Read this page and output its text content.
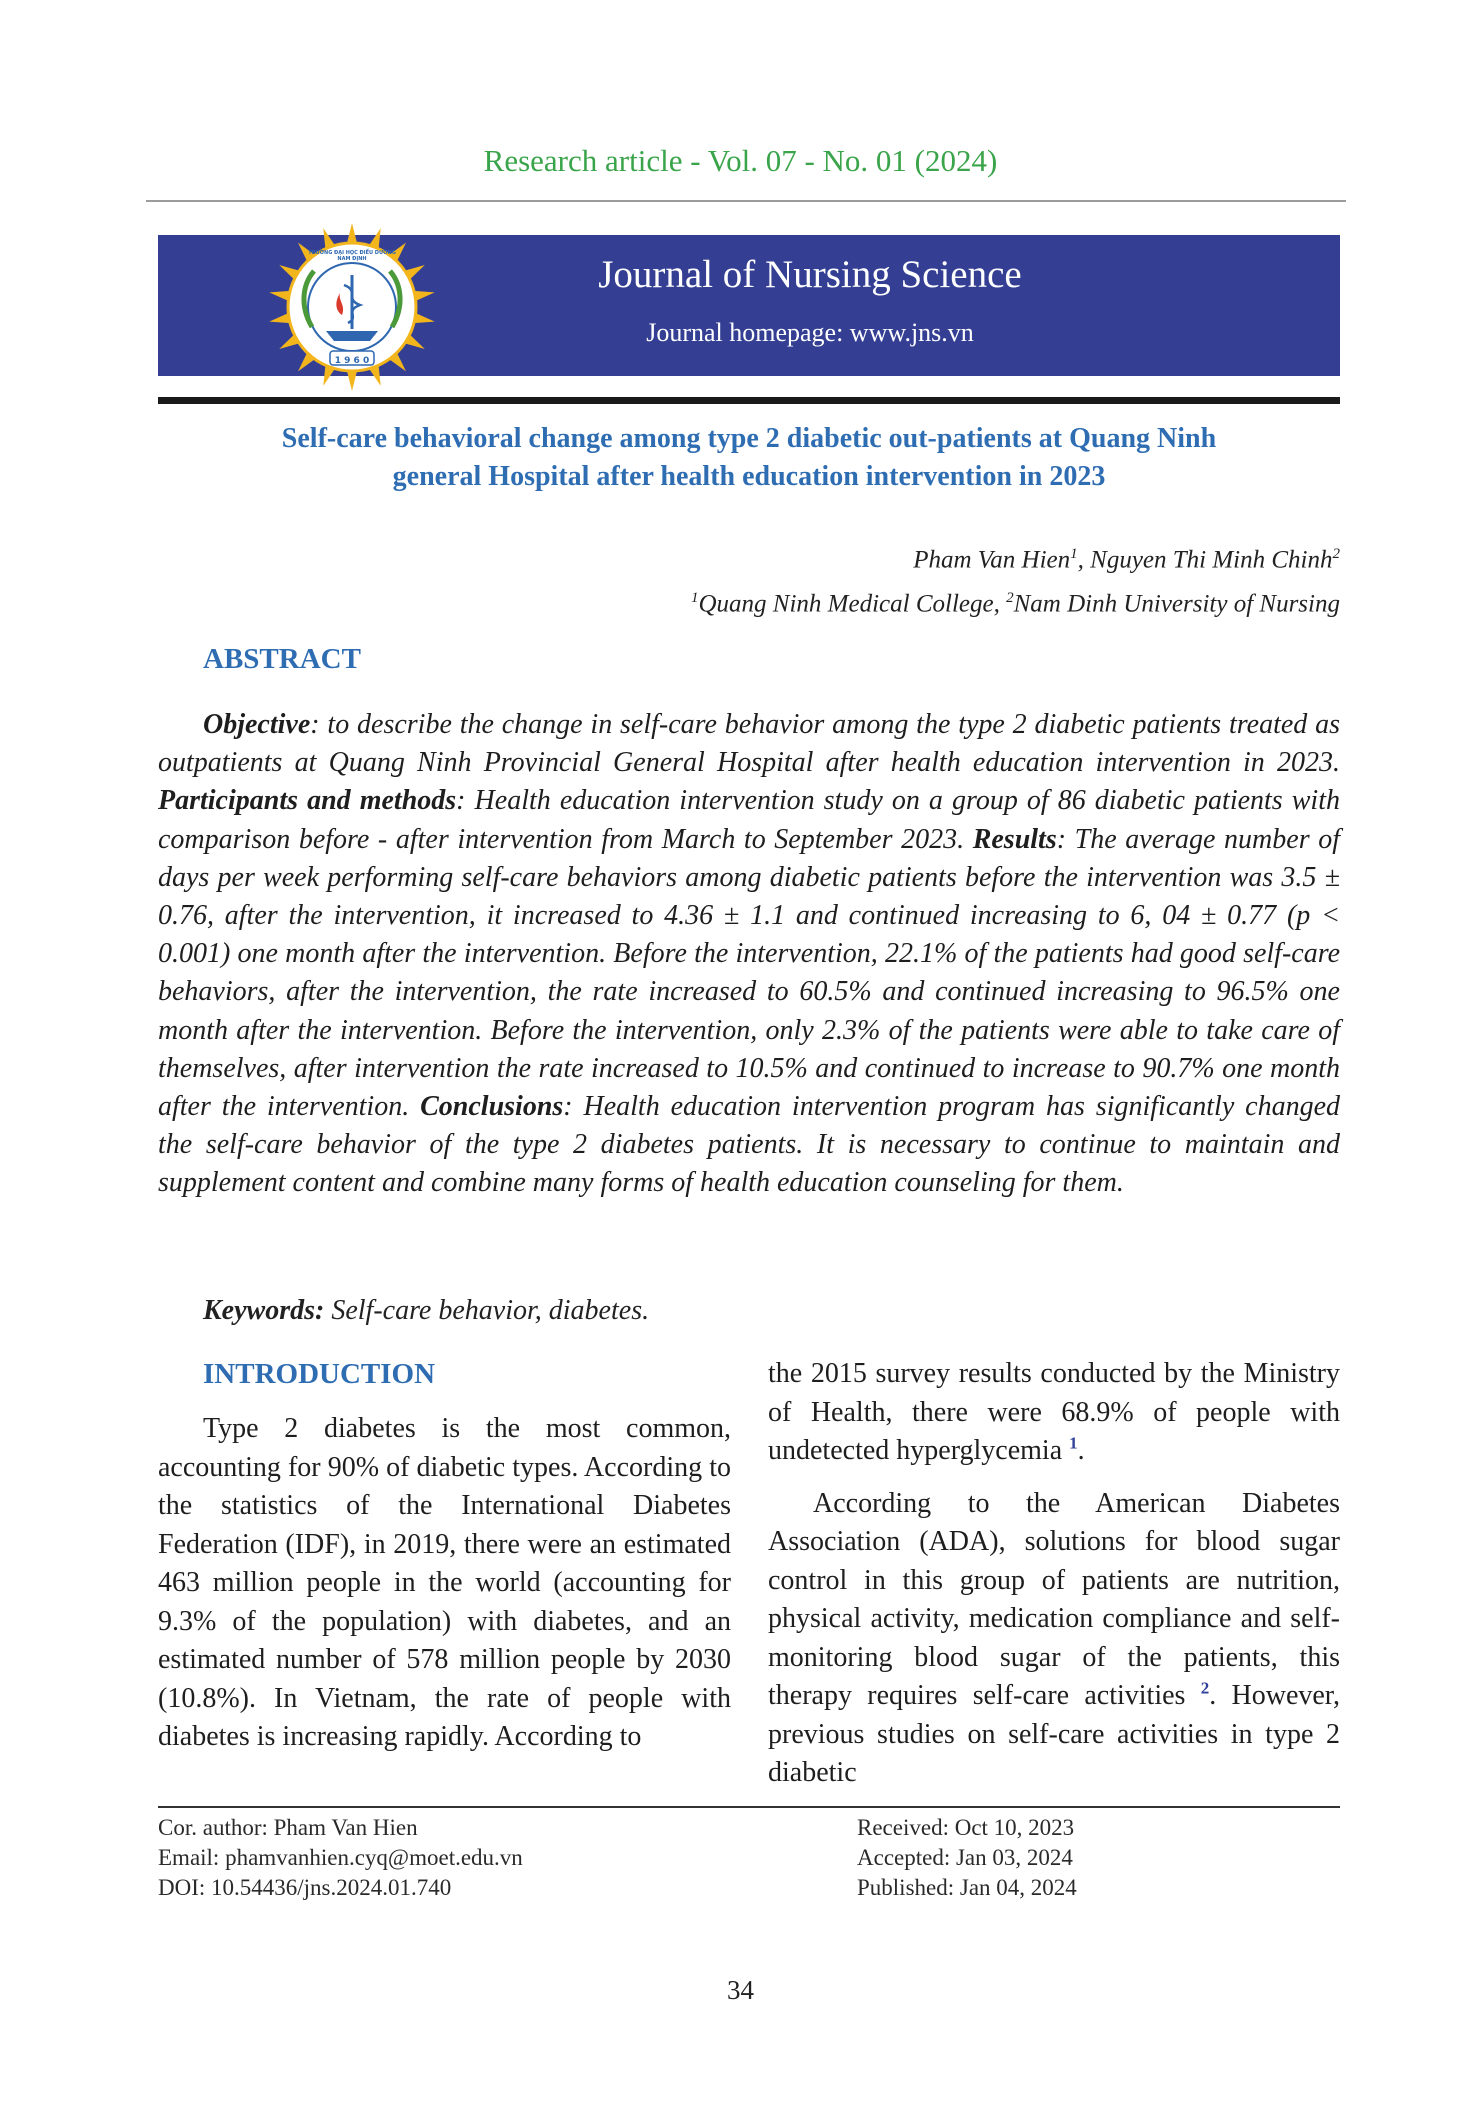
Research article - Vol. 07 - No. 01 (2024)
1 9 6 0
TRƯỜNG ĐẠI HỌC ĐIỀU DƯỠNG NAM ĐỊNH	Journal of Nursing Science
Journal homepage: www.jns.vn
Self-care behavioral change among type 2 diabetic out-patients at Quang Ninh
general Hospital after health education intervention in 2023
Pham Van Hien$^1$, Nguyen Thi Minh Chinh$^2$
$^1$Quang Ninh Medical College, $^2$Nam Dinh University of Nursing
ABSTRACT
Objective: to describe the change in self-care behavior among the type 2 diabetic patients treated as outpatients at Quang Ninh Provincial General Hospital after health education intervention in 2023. Participants and methods: Health education intervention study on a group of 86 diabetic patients with comparison before - after intervention from March to September 2023. Results: The average number of days per week performing self-care behaviors among diabetic patients before the intervention was 3.5 ± 0.76, after the intervention, it increased to 4.36 ± 1.1 and continued increasing to 6, 04 ± 0.77 (p < 0.001) one month after the intervention. Before the intervention, 22.1% of the patients had good self-care behaviors, after the intervention, the rate increased to 60.5% and continued increasing to 96.5% one month after the intervention. Before the intervention, only 2.3% of the patients were able to take care of themselves, after intervention the rate increased to 10.5% and continued to increase to 90.7% one month after the intervention. Conclusions: Health education intervention program has significantly changed the self-care behavior of the type 2 diabetes patients. It is necessary to continue to maintain and supplement content and combine many forms of health education counseling for them.
Keywords: Self-care behavior, diabetes.
INTRODUCTION

Type 2 diabetes is the most common, accounting for 90% of diabetic types. According to the statistics of the International Diabetes Federation (IDF), in 2019, there were an estimated 463 million people in the world (accounting for 9.3% of the population) with diabetes, and an estimated number of 578 million people by 2030 (10.8%). In Vietnam, the rate of people with diabetes is increasing rapidly. According to

the 2015 survey results conducted by the Ministry of Health, there were 68.9% of people with undetected hyperglycemia $^1$.

According to the American Diabetes Association (ADA), solutions for blood sugar control in this group of patients are nutrition, physical activity, medication compliance and self-monitoring blood sugar of the patients, this therapy requires self-care activities $^2$. However, previous studies on self-care activities in type 2 diabetic

Cor. author: Pham Van Hien
Email: phamvanhien.cyq@moet.edu.vn
DOI: 10.54436/jns.2024.01.740
Received: Oct 10, 2023
Accepted: Jan 03, 2024
Published: Jan 04, 2024
34
